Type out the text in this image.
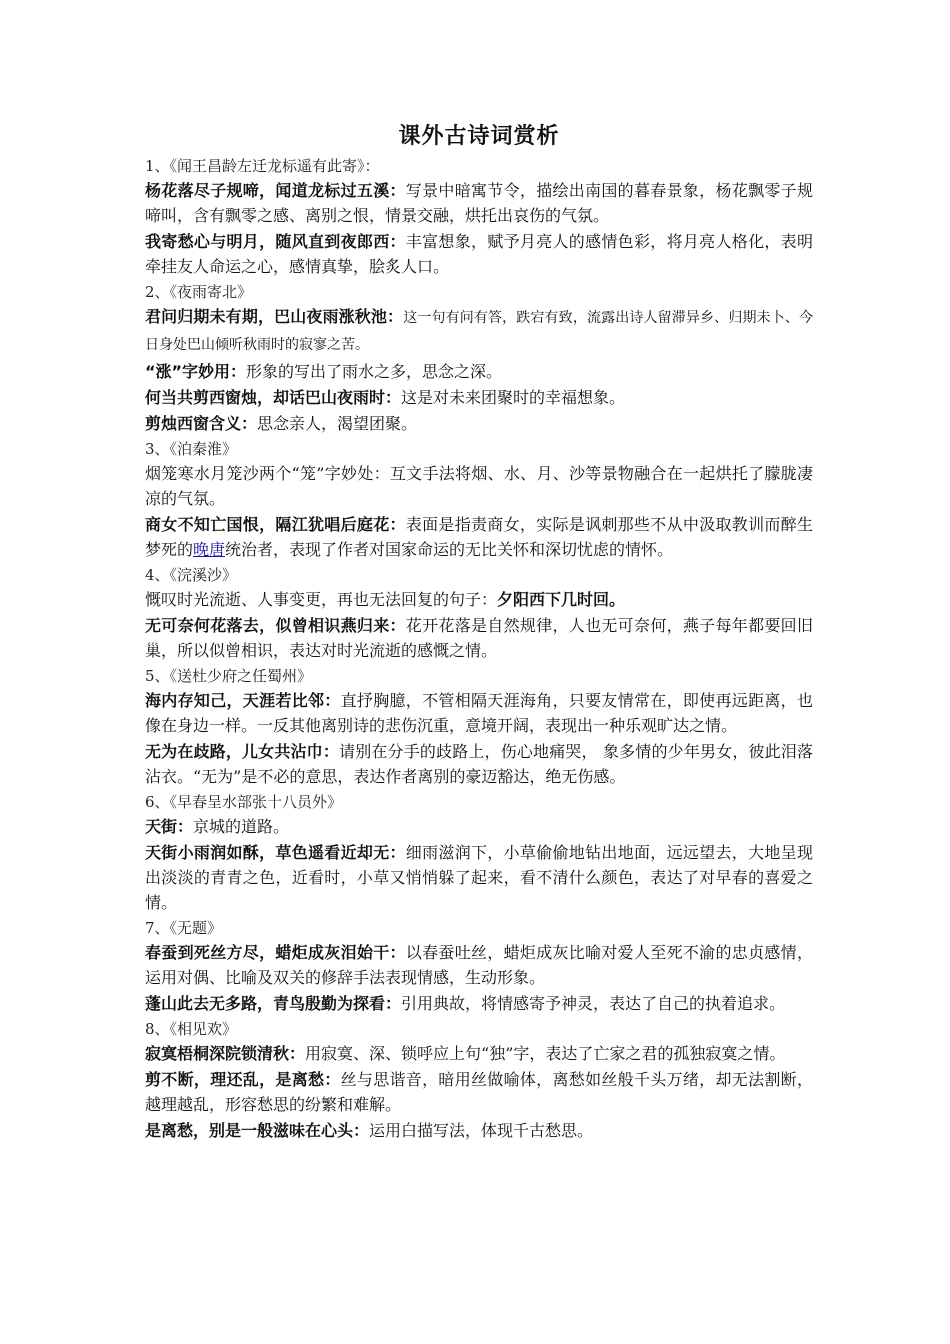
课外古诗词赏析
1、《闻王昌龄左迁龙标遥有此寄》：

杨花落尽子规啼，闻道龙标过五溪：写景中暗寓节令，描绘出南国的暮春景象，杨花飘零子规啼叫，含有飘零之感、离别之恨，情景交融，烘托出哀伤的气氛。

我寄愁心与明月，随风直到夜郎西：丰富想象，赋予月亮人的感情色彩，将月亮人格化，表明牵挂友人命运之心，感情真挚，脍炙人口。

2、《夜雨寄北》

君问归期未有期，巴山夜雨涨秋池：这一句有问有答，跌宕有致，流露出诗人留滞异乡、归期未卜、今日身处巴山倾听秋雨时的寂寥之苦。

“涨”字妙用：形象的写出了雨水之多，思念之深。

何当共剪西窗烛，却话巴山夜雨时：这是对未来团聚时的幸福想象。

剪烛西窗含义：思念亲人，渴望团聚。

3、《泊秦淮》

烟笼寒水月笼沙两个“笼”字妙处：互文手法将烟、水、月、沙等景物融合在一起烘托了朦胧凄凉的气氛。

商女不知亡国恨，隔江犹唱后庭花：表面是指责商女，实际是讽刺那些不从中汲取教训而醉生梦死的晚唐统治者，表现了作者对国家命运的无比关怀和深切忧虑的情怀。

4、《浣溪沙》

慨叹时光流逝、人事变更，再也无法回复的句子：夕阳西下几时回。

无可奈何花落去，似曾相识燕归来：花开花落是自然规律，人也无可奈何，燕子每年都要回旧巢，所以似曾相识，表达对时光流逝的感慨之情。

5、《送杜少府之任蜀州》

海内存知己，天涯若比邻：直抒胸臆，不管相隔天涯海角，只要友情常在，即使再远距离，也像在身边一样。一反其他离别诗的悲伤沉重，意境开阔，表现出一种乐观旷达之情。

无为在歧路，儿女共沾巾：请别在分手的歧路上，伤心地痛哭， 象多情的少年男女，彼此泪落沾衣。“无为”是不必的意思，表达作者离别的豪迈豁达，绝无伤感。

6、《早春呈水部张十八员外》

天街：京城的道路。

天街小雨润如酥，草色遥看近却无：细雨滋润下，小草偷偷地钻出地面，远远望去，大地呈现出淡淡的青青之色，近看时，小草又悄悄躲了起来，看不清什么颜色，表达了对早春的喜爱之情。

7、《无题》

春蚕到死丝方尽，蜡炬成灰泪始干：以春蚕吐丝，蜡炬成灰比喻对爱人至死不渝的忠贞感情，运用对偶、比喻及双关的修辞手法表现情感，生动形象。

蓬山此去无多路，青鸟殷勤为探看：引用典故，将情感寄予神灵，表达了自己的执着追求。

8、《相见欢》

寂寞梧桐深院锁清秋：用寂寞、深、锁呼应上句“独”字，表达了亡家之君的孤独寂寞之情。

剪不断，理还乱，是离愁：丝与思谐音，暗用丝做喻体，离愁如丝般千头万绪，却无法割断，越理越乱，形容愁思的纷繁和难解。

是离愁，别是一般滋味在心头：运用白描写法，体现千古愁思。
